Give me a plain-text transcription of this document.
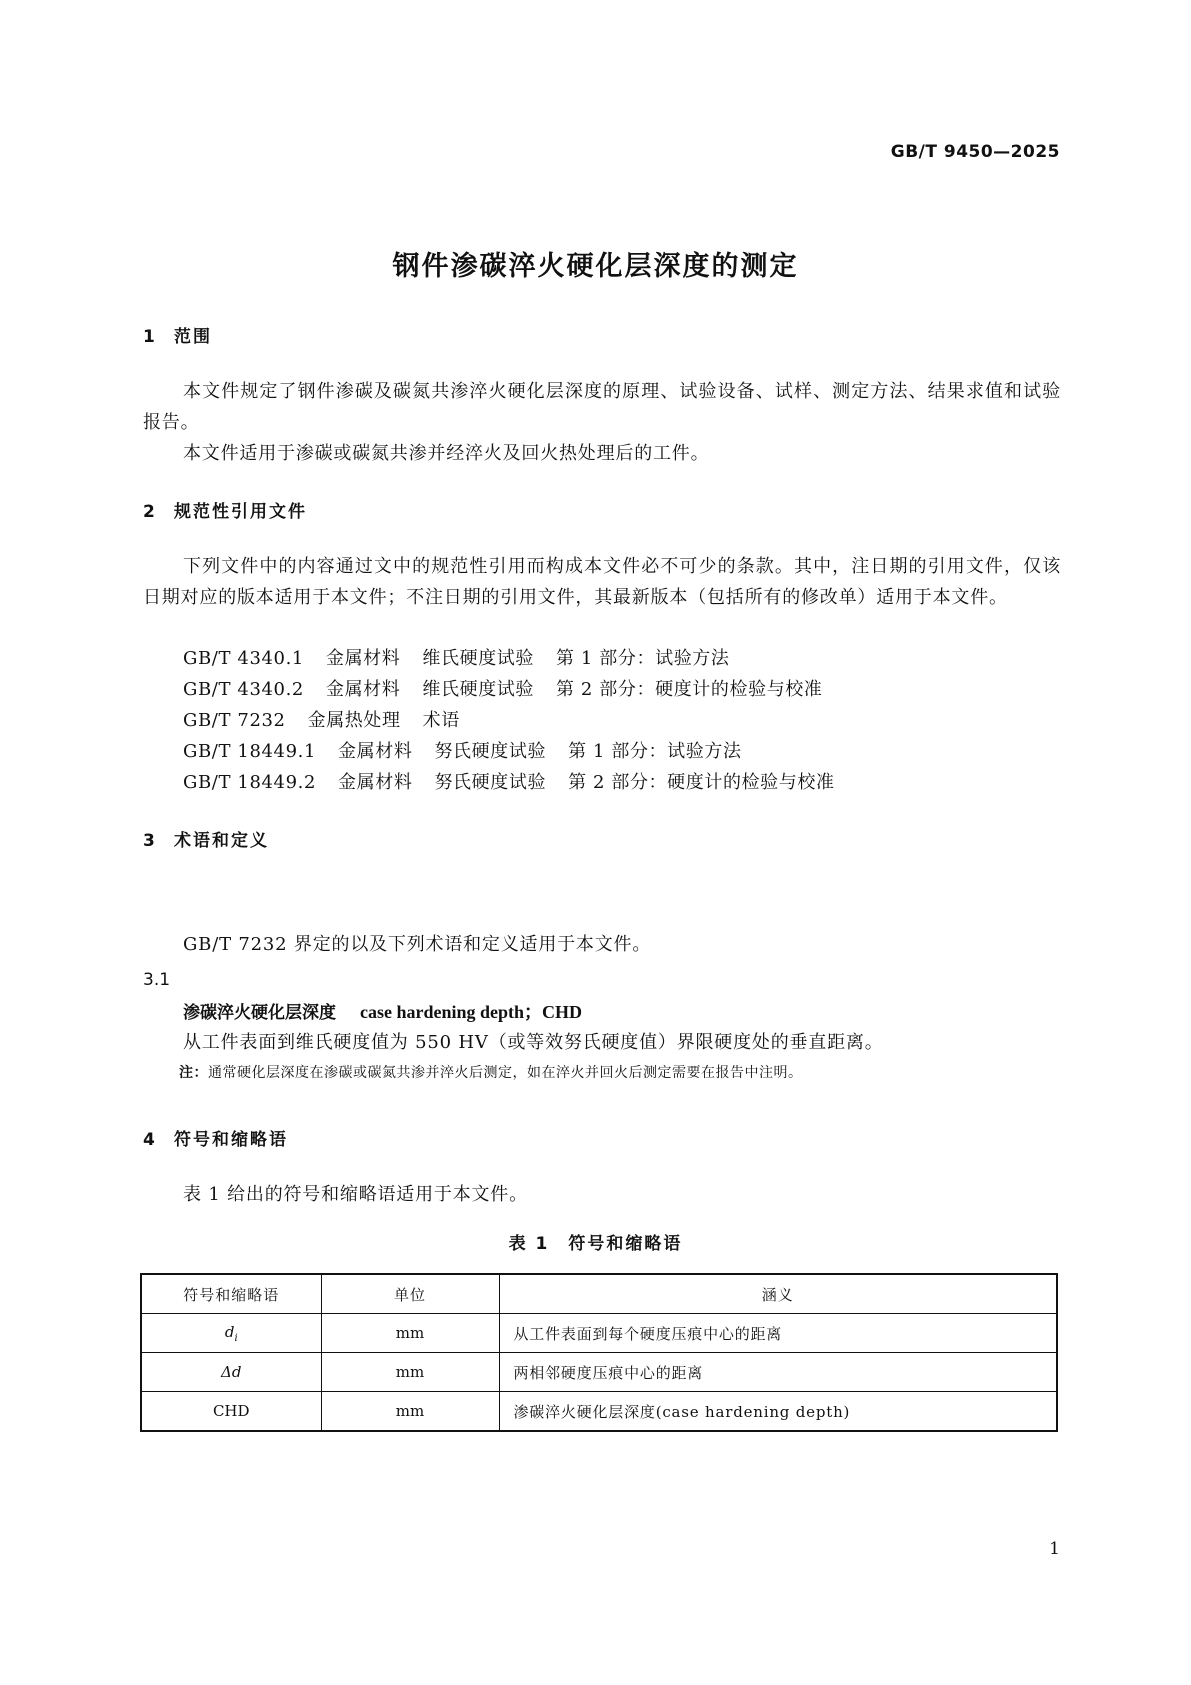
GB/T 9450—2025
钢件渗碳淬火硬化层深度的测定
1 范围
本文件规定了钢件渗碳及碳氮共渗淬火硬化层深度的原理、试验设备、试样、测定方法、结果求值和试验报告。
本文件适用于渗碳或碳氮共渗并经淬火及回火热处理后的工件。
2 规范性引用文件
下列文件中的内容通过文中的规范性引用而构成本文件必不可少的条款。其中，注日期的引用文件，仅该日期对应的版本适用于本文件；不注日期的引用文件，其最新版本（包括所有的修改单）适用于本文件。
GB/T 4340.1 金属材料 维氏硬度试验 第 1 部分：试验方法
GB/T 4340.2 金属材料 维氏硬度试验 第 2 部分：硬度计的检验与校准
GB/T 7232 金属热处理 术语
GB/T 18449.1 金属材料 努氏硬度试验 第 1 部分：试验方法
GB/T 18449.2 金属材料 努氏硬度试验 第 2 部分：硬度计的检验与校准
3 术语和定义
GB/T 7232 界定的以及下列术语和定义适用于本文件。
3.1
渗碳淬火硬化层深度 case hardening depth；CHD
从工件表面到维氏硬度值为 550 HV（或等效努氏硬度值）界限硬度处的垂直距离。
注：通常硬化层深度在渗碳或碳氮共渗并淬火后测定，如在淬火并回火后测定需要在报告中注明。
4 符号和缩略语
表 1 给出的符号和缩略语适用于本文件。
表 1　符号和缩略语
符号和缩略语	单位	涵义
$d_i$	mm	从工件表面到每个硬度压痕中心的距离
Δd	mm	两相邻硬度压痕中心的距离
CHD	mm	渗碳淬火硬化层深度(case hardening depth)
1
